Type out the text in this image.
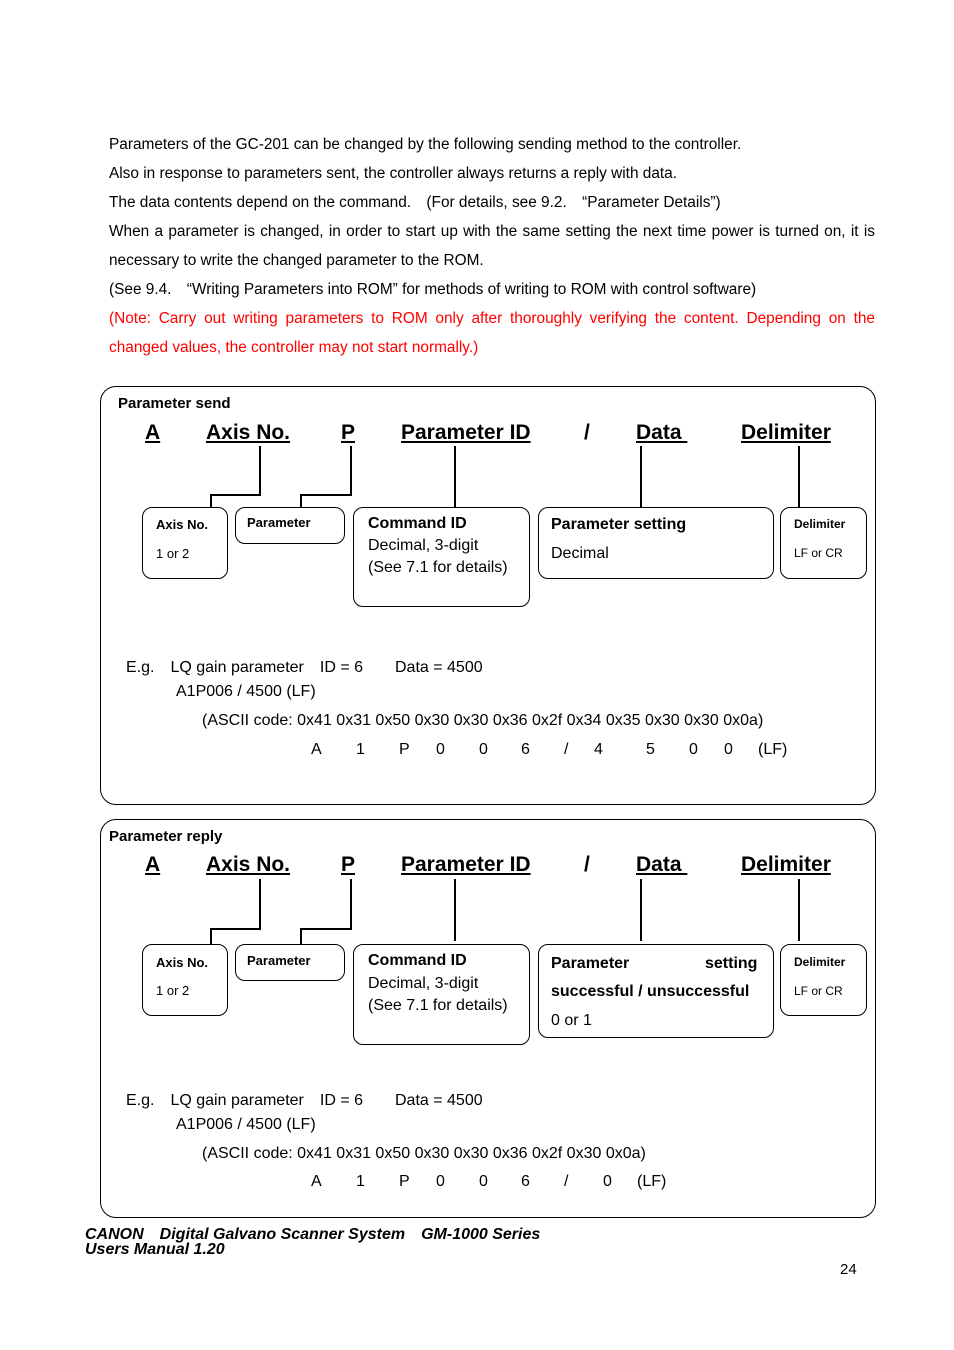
Parameters of the GC-201 can be changed by the following sending method to the controller.

Also in response to parameters sent, the controller always returns a reply with data.

The data contents depend on the command.　(For details, see 9.2.　“Parameter Details”)

When a parameter is changed, in order to start up with the same setting the next time power is turned on, it is necessary to write the changed parameter to the ROM.

(See 9.4.　“Writing Parameters into ROM” for methods of writing to ROM with control software)

(Note: Carry out writing parameters to ROM only after thoroughly verifying the content. Depending on the changed values, the controller may not start normally.)

Parameter send
A Axis No. P Parameter ID	/ Data	Delimiter
Axis No.
1 or 2
Parameter	Command ID
Decimal, 3-digit
(See 7.1 for details)
Parameter setting
Decimal
Delimiter
LF or CR
E.g.　LQ gain parameter　ID = 6　　Data = 4500
A1P006 / 4500 (LF)
(ASCII code: 0x41 0x31 0x50 0x30 0x30 0x36 0x2f 0x34 0x35 0x30 0x30 0x0a)
A 1 P 0 0 6 / 4	5 0 0 (LF)
Parameter reply
A Axis No. P Parameter ID	/ Data	Delimiter
Axis No.
1 or 2
Parameter	Command ID
Decimal, 3-digit
(See 7.1 for details)
Parameter	setting
successful / unsuccessful
0 or 1
Delimiter
LF or CR
E.g.　LQ gain parameter　ID = 6　　Data = 4500
A1P006 / 4500 (LF)
(ASCII code: 0x41 0x31 0x50 0x30 0x30 0x36 0x2f 0x30 0x0a)
A 1 P 0 0 6 / 0 (LF)
CANON　Digital Galvano Scanner System　GM-1000 Series
Users Manual 1.20
24
